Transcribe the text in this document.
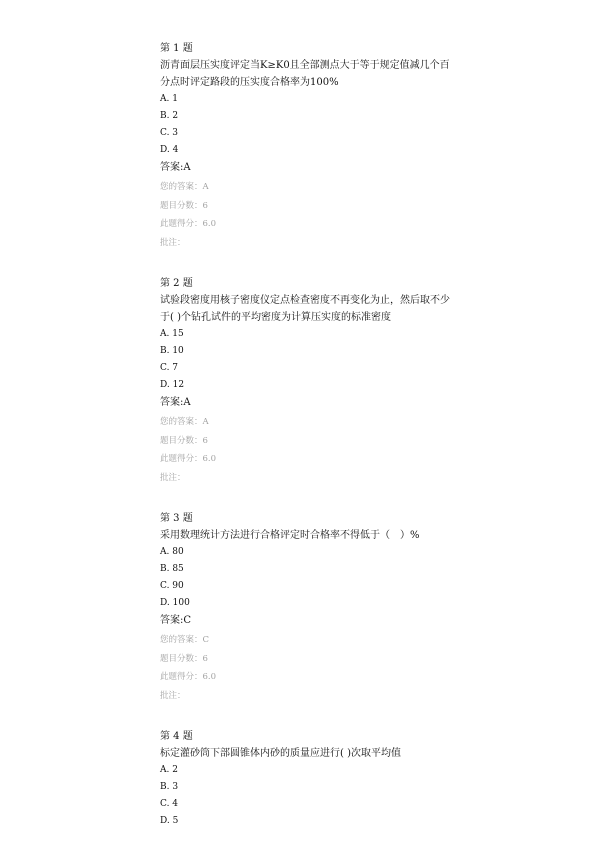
第 1 题
沥青面层压实度评定当K≥K0且全部测点大于等于规定值减几个百分点时评定路段的压实度合格率为100%
A. 1
B. 2
C. 3
D. 4
答案:A
您的答案：A
题目分数：6
此题得分：6.0
批注：
第 2 题
试验段密度用核子密度仪定点检查密度不再变化为止，然后取不少于( )个钻孔试件的平均密度为计算压实度的标准密度
A. 15
B. 10
C. 7
D. 12
答案:A
您的答案：A
题目分数：6
此题得分：6.0
批注：
第 3 题
采用数理统计方法进行合格评定时合格率不得低于（　）%
A. 80
B. 85
C. 90
D. 100
答案:C
您的答案：C
题目分数：6
此题得分：6.0
批注：
第 4 题
标定灌砂筒下部圆锥体内砂的质量应进行( )次取平均值
A. 2
B. 3
C. 4
D. 5
